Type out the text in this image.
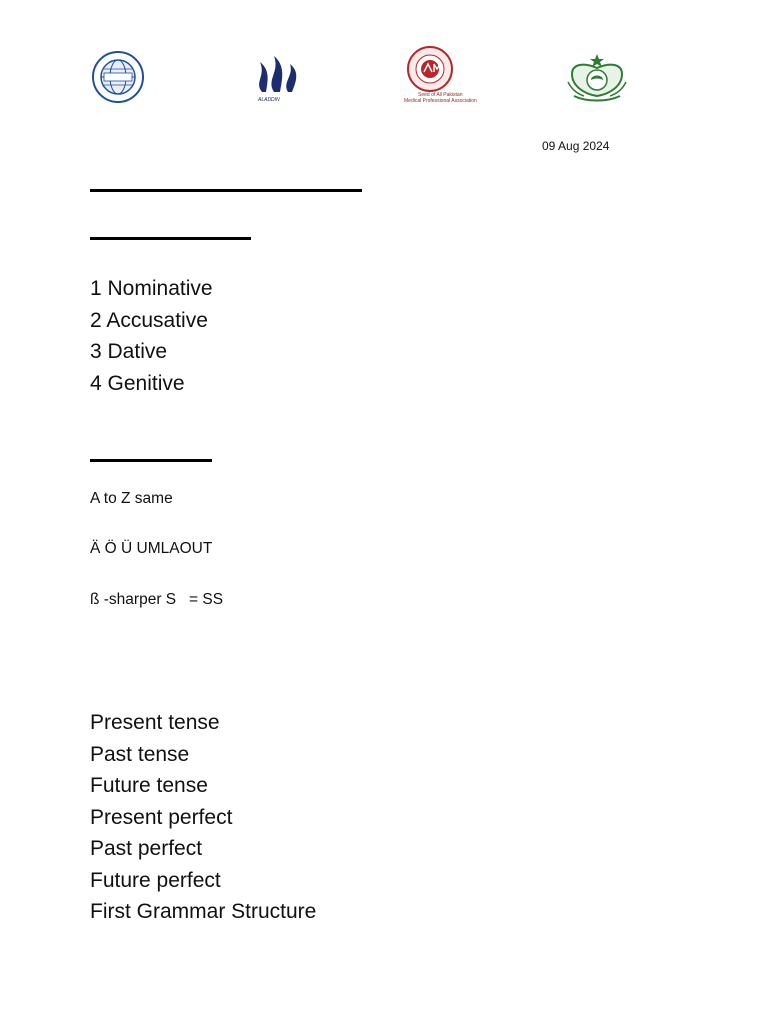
ALADDIN
Seed of All Pakistan
Medical Professional Association
09 Aug 2024
1 Nominative
2 Accusative
3 Dative
4 Genitive

A to Z same

Ä Ö Ü UMLAOUT

ß -sharper S   = SS

Present tense
Past tense
Future tense
Present perfect
Past perfect
Future perfect
First Grammar Structure
